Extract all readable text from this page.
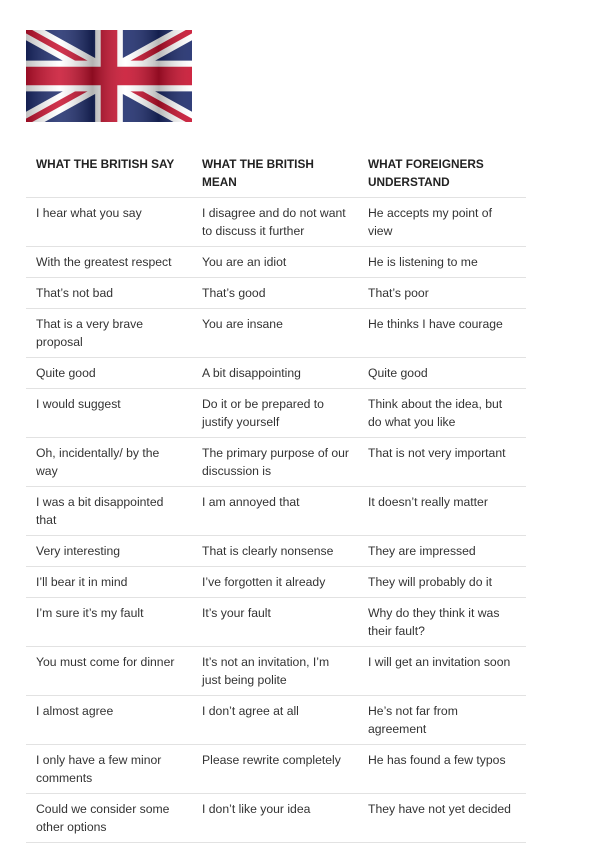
WHAT THE BRITISH SAY	WHAT THE BRITISH MEAN	WHAT FOREIGNERS UNDERSTAND
I hear what you say	I disagree and do not want to discuss it further	He accepts my point of view
With the greatest respect	You are an idiot	He is listening to me
That’s not bad	That’s good	That’s poor
That is a very brave proposal	You are insane	He thinks I have courage
Quite good	A bit disappointing	Quite good
I would suggest	Do it or be prepared to justify yourself	Think about the idea, but do what you like
Oh, incidentally/ by the way	The primary purpose of our discussion is	That is not very important
I was a bit disappointed that	I am annoyed that	It doesn’t really matter
Very interesting	That is clearly nonsense	They are impressed
I’ll bear it in mind	I’ve forgotten it already	They will probably do it
I’m sure it’s my fault	It’s your fault	Why do they think it was their fault?
You must come for dinner	It’s not an invitation, I’m just being polite	I will get an invitation soon
I almost agree	I don’t agree at all	He’s not far from agreement
I only have a few minor comments	Please rewrite completely	He has found a few typos
Could we consider some other options	I don’t like your idea	They have not yet decided
